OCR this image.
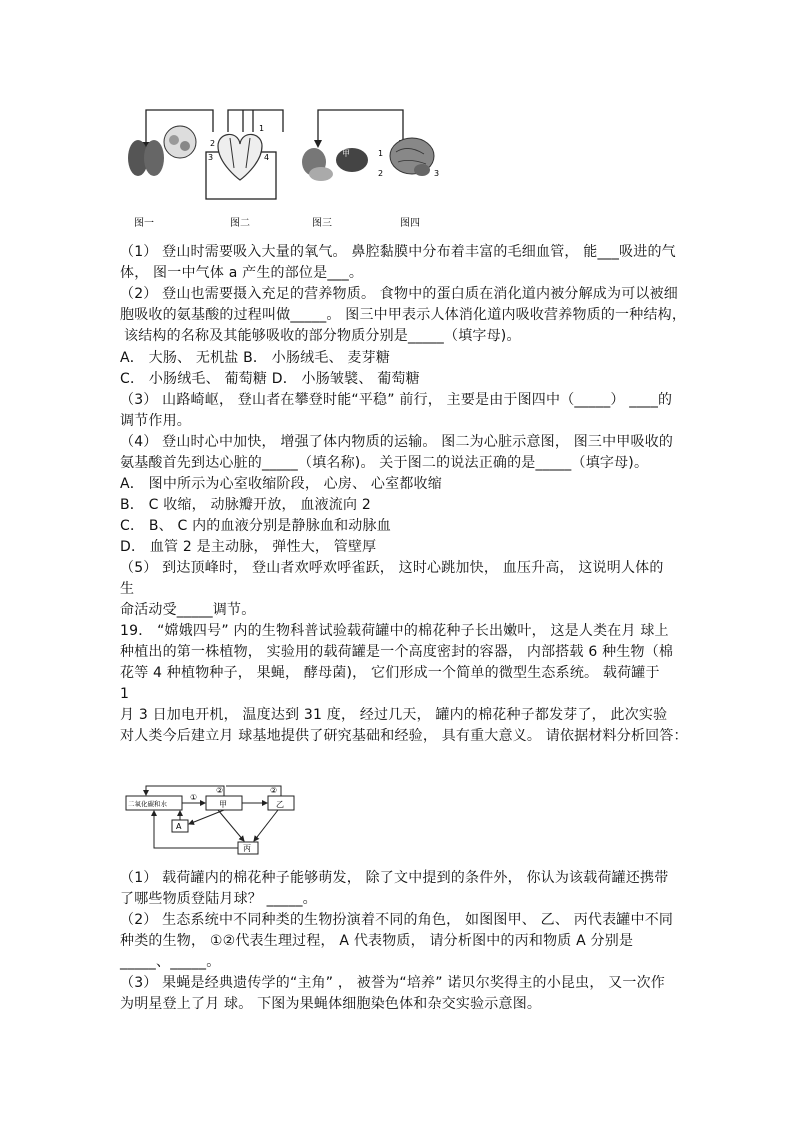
2
1
3	4	甲	1
2	3
图一	图二	图三	图四
（1） 登山时需要吸入大量的氧气。 鼻腔黏膜中分布着丰富的毛细血管， 能___吸进的气
体， 图一中气体 a 产生的部位是___。
（2） 登山也需要摄入充足的营养物质。 食物中的蛋白质在消化道内被分解成为可以被细
胞吸收的氨基酸的过程叫做_____。 图三中甲表示人体消化道内吸收营养物质的一种结构，
该结构的名称及其能够吸收的部分物质分别是_____（填字母)。
A． 大肠、 无机盐 B． 小肠绒毛、 麦芽糖
C． 小肠绒毛、 葡萄糖 D． 小肠皱襞、 葡萄糖
（3） 山路崎岖， 登山者在攀登时能“平稳” 前行， 主要是由于图四中（_____） ____的
调节作用。
（4） 登山时心中加快， 增强了体内物质的运输。 图二为心脏示意图， 图三中甲吸收的
氨基酸首先到达心脏的_____（填名称)。 关于图二的说法正确的是_____（填字母)。
A． 图中所示为心室收缩阶段， 心房、 心室都收缩
B． C 收缩， 动脉瓣开放， 血液流向 2
C． B、 C 内的血液分别是静脉血和动脉血
D． 血管 2 是主动脉， 弹性大， 管壁厚
（5） 到达顶峰时， 登山者欢呼欢呼雀跃， 这时心跳加快， 血压升高， 这说明人体的
生
命活动受_____调节。
19． “嫦娥四号” 内的生物科普试验载荷罐中的棉花种子长出嫩叶， 这是人类在月 球上
种植出的第一株植物， 实验用的载荷罐是一个高度密封的容器， 内部搭载 6 种生物（棉
花等 4 种植物种子， 果蝇， 酵母菌)， 它们形成一个简单的微型生态系统。 载荷罐于
1
月 3 日加电开机， 温度达到 31 度， 经过几天， 罐内的棉花种子都发芽了， 此次实验
对人类今后建立月 球基地提供了研究基础和经验， 具有重大意义。 请依据材料分析回答：
二氧化碳和水
①
②	②
甲	乙
A
丙
（1） 载荷罐内的棉花种子能够萌发， 除了文中提到的条件外， 你认为该载荷罐还携带
了哪些物质登陆月球？ _____。
（2） 生态系统中不同种类的生物扮演着不同的角色， 如图图甲、 乙、 丙代表罐中不同
种类的生物， ①②代表生理过程， A 代表物质， 请分析图中的丙和物质 A 分别是
_____、_____。
（3） 果蝇是经典遗传学的“主角” ， 被誉为“培养” 诺贝尔奖得主的小昆虫， 又一次作
为明星登上了月 球。 下图为果蝇体细胞染色体和杂交实验示意图。
